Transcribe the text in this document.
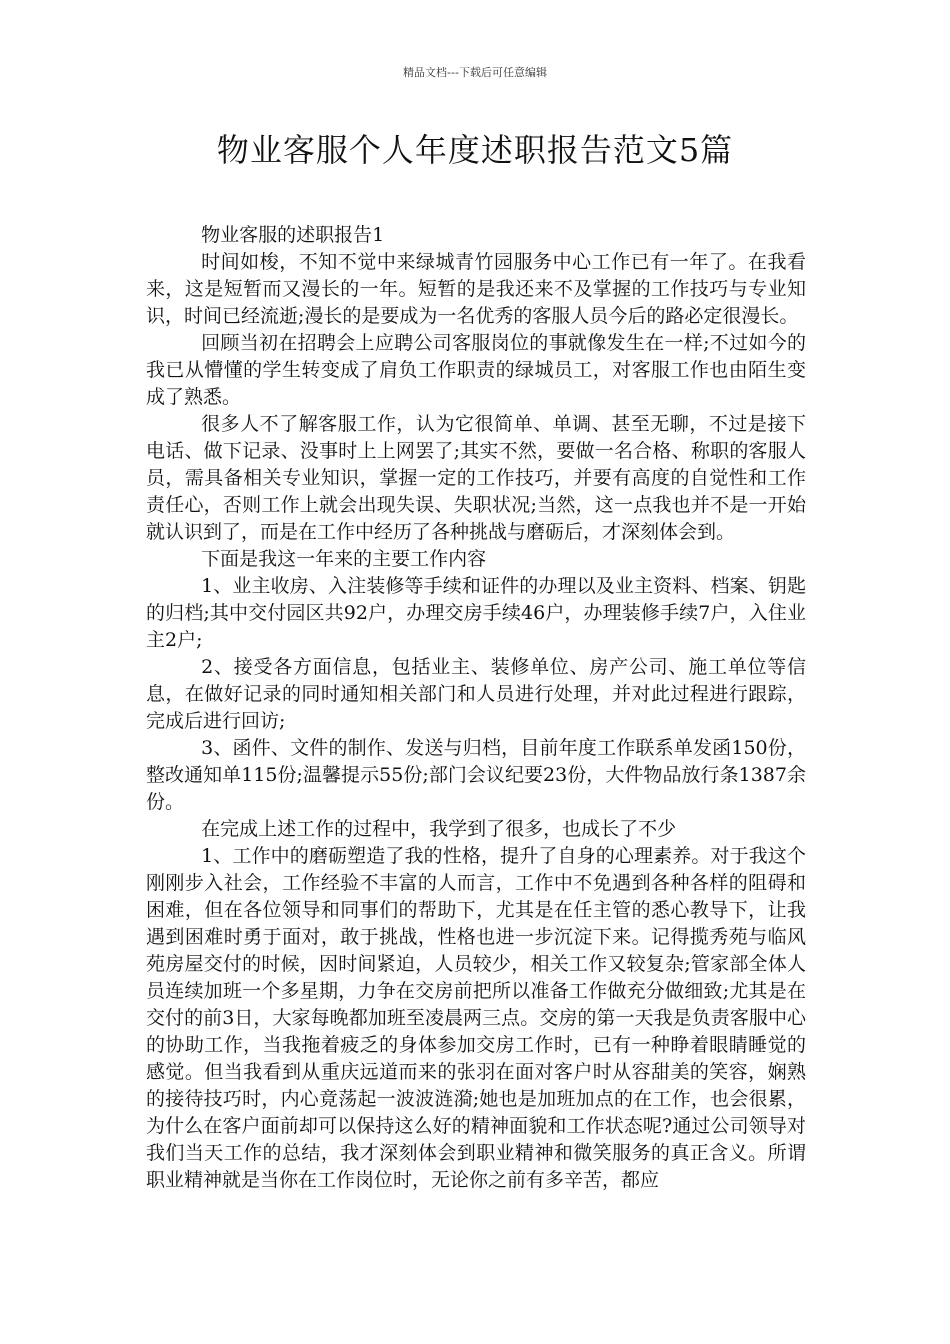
精品文档---下载后可任意编辑
物业客服个人年度述职报告范文5篇

物业客服的述职报告1

时间如梭，不知不觉中来绿城青竹园服务中心工作已有一年了。在我看来，这是短暂而又漫长的一年。短暂的是我还来不及掌握的工作技巧与专业知识，时间已经流逝;漫长的是要成为一名优秀的客服人员今后的路必定很漫长。

回顾当初在招聘会上应聘公司客服岗位的事就像发生在一样;不过如今的我已从懵懂的学生转变成了肩负工作职责的绿城员工，对客服工作也由陌生变成了熟悉。

很多人不了解客服工作，认为它很简单、单调、甚至无聊，不过是接下电话、做下记录、没事时上上网罢了;其实不然，要做一名合格、称职的客服人员，需具备相关专业知识，掌握一定的工作技巧，并要有高度的自觉性和工作责任心，否则工作上就会出现失误、失职状况;当然，这一点我也并不是一开始就认识到了，而是在工作中经历了各种挑战与磨砺后，才深刻体会到。

下面是我这一年来的主要工作内容

1、业主收房、入注装修等手续和证件的办理以及业主资料、档案、钥匙的归档;其中交付园区共92户，办理交房手续46户，办理装修手续7户，入住业主2户;

2、接受各方面信息，包括业主、装修单位、房产公司、施工单位等信息，在做好记录的同时通知相关部门和人员进行处理，并对此过程进行跟踪，完成后进行回访;

3、函件、文件的制作、发送与归档，目前年度工作联系单发函150份，整改通知单115份;温馨提示55份;部门会议纪要23份，大件物品放行条1387余份。

在完成上述工作的过程中，我学到了很多，也成长了不少

1、工作中的磨砺塑造了我的性格，提升了自身的心理素养。对于我这个刚刚步入社会，工作经验不丰富的人而言，工作中不免遇到各种各样的阻碍和困难，但在各位领导和同事们的帮助下，尤其是在任主管的悉心教导下，让我遇到困难时勇于面对，敢于挑战，性格也进一步沉淀下来。记得揽秀苑与临风苑房屋交付的时候，因时间紧迫，人员较少，相关工作又较复杂;管家部全体人员连续加班一个多星期，力争在交房前把所以准备工作做充分做细致;尤其是在交付的前3日，大家每晚都加班至凌晨两三点。交房的第一天我是负责客服中心的协助工作，当我拖着疲乏的身体参加交房工作时，已有一种睁着眼睛睡觉的感觉。但当我看到从重庆远道而来的张羽在面对客户时从容甜美的笑容，娴熟的接待技巧时，内心竟荡起一波波涟漪;她也是加班加点的在工作，也会很累，为什么在客户面前却可以保持这么好的精神面貌和工作状态呢?通过公司领导对我们当天工作的总结，我才深刻体会到职业精神和微笑服务的真正含义。所谓职业精神就是当你在工作岗位时，无论你之前有多辛苦，都应
